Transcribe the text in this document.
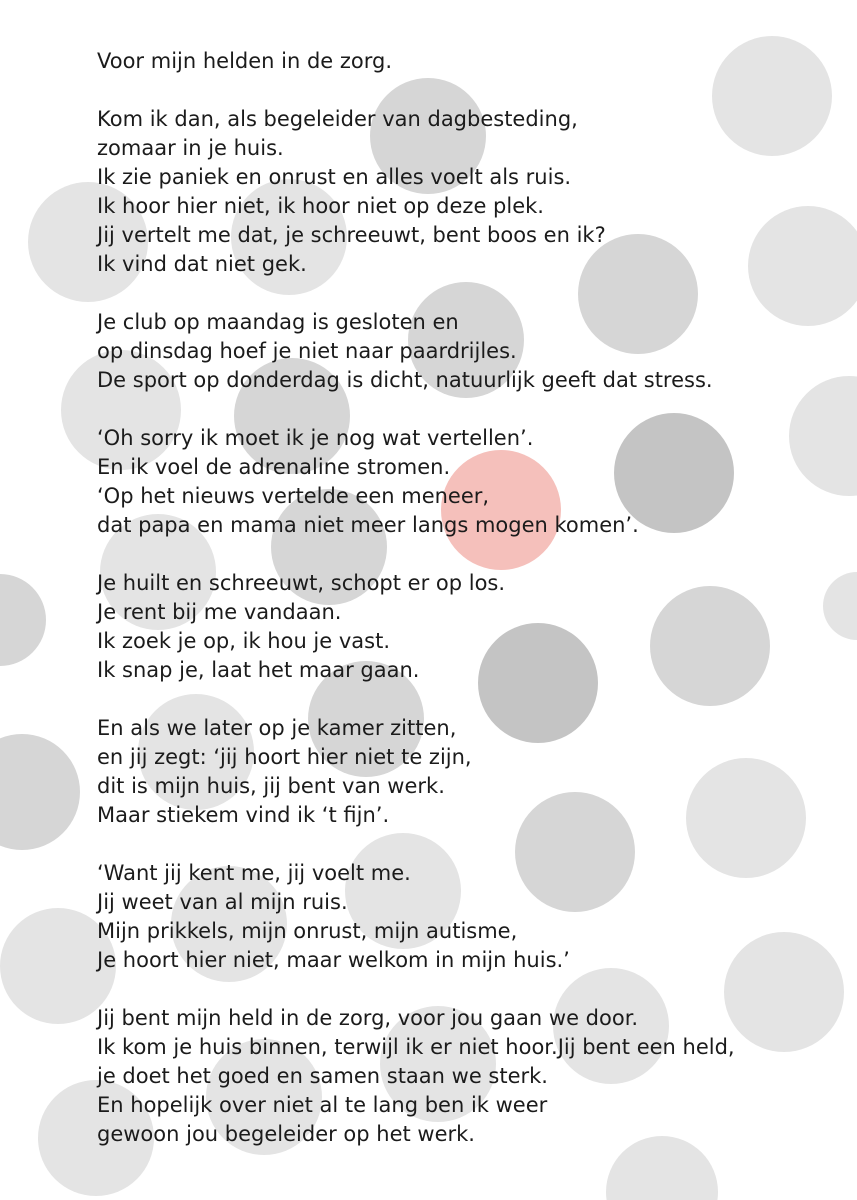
Voor mijn helden in de zorg.
Kom ik dan, als begeleider van dagbesteding,
zomaar in je huis.
Ik zie paniek en onrust en alles voelt als ruis.
Ik hoor hier niet, ik hoor niet op deze plek.
Jij vertelt me dat, je schreeuwt, bent boos en ik?
Ik vind dat niet gek.
Je club op maandag is gesloten en
op dinsdag hoef je niet naar paardrijles.
De sport op donderdag is dicht, natuurlijk geeft dat stress.
‘Oh sorry ik moet ik je nog wat vertellen’.
En ik voel de adrenaline stromen.
‘Op het nieuws vertelde een meneer,
dat papa en mama niet meer langs mogen komen’.
Je huilt en schreeuwt, schopt er op los.
Je rent bij me vandaan.
Ik zoek je op, ik hou je vast.
Ik snap je, laat het maar gaan.
En als we later op je kamer zitten,
en jij zegt: ‘jij hoort hier niet te zijn,
dit is mijn huis, jij bent van werk.
Maar stiekem vind ik ‘t fijn’.
‘Want jij kent me, jij voelt me.
Jij weet van al mijn ruis.
Mijn prikkels, mijn onrust, mijn autisme,
Je hoort hier niet, maar welkom in mijn huis.’
Jij bent mijn held in de zorg, voor jou gaan we door.
Ik kom je huis binnen, terwijl ik er niet hoor.Jij bent een held,
je doet het goed en samen staan we sterk.
En hopelijk over niet al te lang ben ik weer
gewoon jou begeleider op het werk.
